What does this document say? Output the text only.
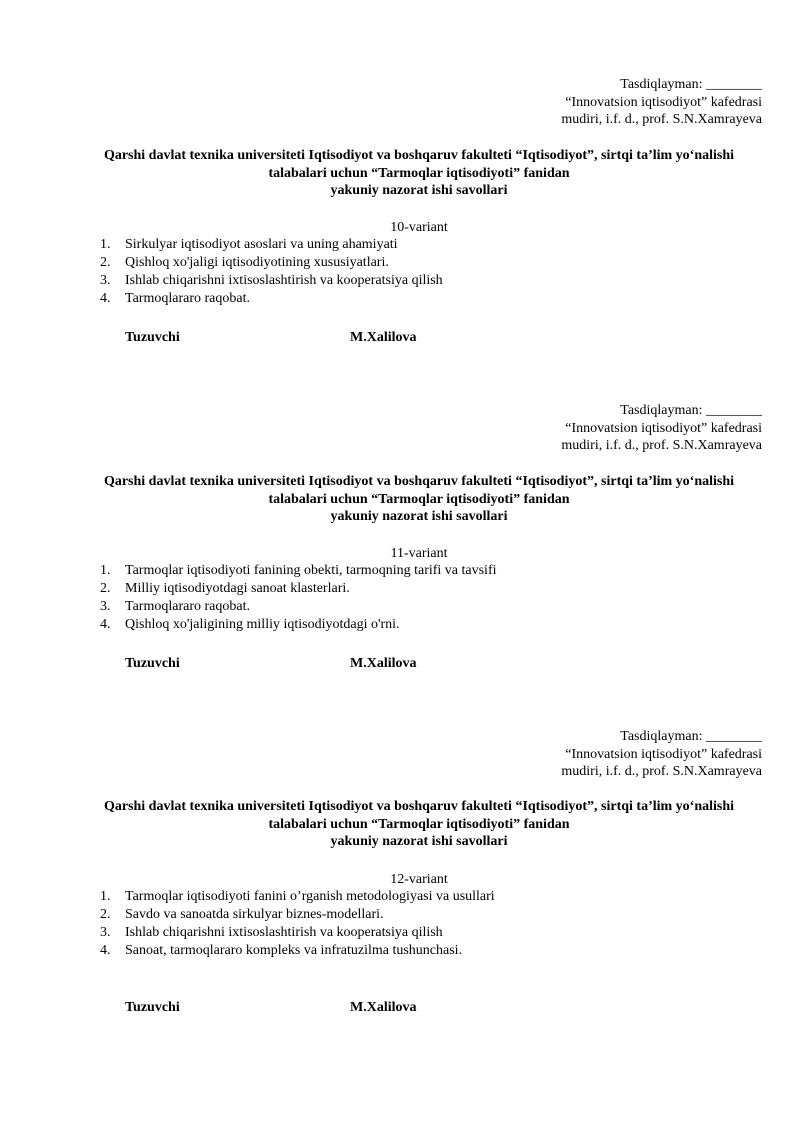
Tasdiqlayman: ________
“Innovatsion iqtisodiyot” kafedrasi
mudiri, i.f. d., prof. S.N.Xamrayeva
Qarshi davlat texnika universiteti Iqtisodiyot va boshqaruv fakulteti “Iqtisodiyot”, sirtqi ta’lim yo‘nalishi
talabalari uchun “Tarmoqlar iqtisodiyoti” fanidan
yakuniy nazorat ishi savollari
10-variant
1. Sirkulyar iqtisodiyot asoslari va uning ahamiyati
2. Qishloq xo'jaligi iqtisodiyotining xususiyatlari.
3. Ishlab chiqarishni ixtisoslashtirish va kooperatsiya qilish
4. Tarmoqlararo raqobat.
Tuzuvchi	M.Xalilova
Tasdiqlayman: ________
“Innovatsion iqtisodiyot” kafedrasi
mudiri, i.f. d., prof. S.N.Xamrayeva
Qarshi davlat texnika universiteti Iqtisodiyot va boshqaruv fakulteti “Iqtisodiyot”, sirtqi ta’lim yo‘nalishi
talabalari uchun “Tarmoqlar iqtisodiyoti” fanidan
yakuniy nazorat ishi savollari
11-variant
1. Tarmoqlar iqtisodiyoti fanining obekti, tarmoqning tarifi va tavsifi
2. Milliy iqtisodiyotdagi sanoat klasterlari.
3. Tarmoqlararo raqobat.
4. Qishloq xo'jaligining milliy iqtisodiyotdagi o'rni.
Tuzuvchi	M.Xalilova
Tasdiqlayman: ________
“Innovatsion iqtisodiyot” kafedrasi
mudiri, i.f. d., prof. S.N.Xamrayeva
Qarshi davlat texnika universiteti Iqtisodiyot va boshqaruv fakulteti “Iqtisodiyot”, sirtqi ta’lim yo‘nalishi
talabalari uchun “Tarmoqlar iqtisodiyoti” fanidan
yakuniy nazorat ishi savollari
12-variant
1. Tarmoqlar iqtisodiyoti fanini o’rganish metodologiyasi va usullari
2. Savdo va sanoatda sirkulyar biznes-modellari.
3. Ishlab chiqarishni ixtisoslashtirish va kooperatsiya qilish
4. Sanoat, tarmoqlararo kompleks va infratuzilma tushunchasi.
Tuzuvchi	M.Xalilova
